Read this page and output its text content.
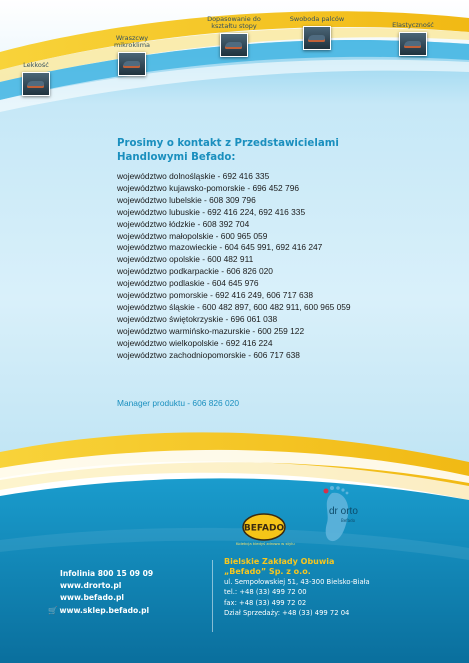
Lekkość
Wraszcwy mikroklima
Dopasowanie do kształtu stopy
Swoboda palców
Elastyczność
Prosimy o kontakt z Przedstawicielami
Handlowymi Befado:
województwo dolnośląskie - 692 416 335
województwo kujawsko-pomorskie - 696 452 796
województwo lubelskie - 608 309 796
województwo lubuskie - 692 416 224, 692 416 335
województwo łódzkie - 608 392 704
województwo małopolskie - 600 965 059
województwo mazowieckie - 604 645 991, 692 416 247
województwo opolskie - 600 482 911
województwo podkarpackie - 606 826 020
województwo podlaskie - 604 645 976
województwo pomorskie - 692 416 249, 606 717 638
województwo śląskie - 600 482 897, 600 482 911, 600 965 059
województwo świętokrzyskie - 696 061 038
województwo warmińsko-mazurskie - 600 259 122
województwo wielkopolskie - 692 416 224
województwo zachodniopomorskie - 606 717 638
Manager produktu - 606 826 020
BEFADO
Kolekcja kiedyś zdrowo w stylu
dr orto
Befado
Infolinia 800 15 09 09
www.drorto.pl
www.befado.pl
🛒 www.sklep.befado.pl
Bielskie Zakłady Obuwia
„Befado” Sp. z o.o.
ul. Sempołowskiej 51, 43-300 Bielsko-Biała
tel.: +48 (33) 499 72 00
fax: +48 (33) 499 72 02
Dział Sprzedaży: +48 (33) 499 72 04
